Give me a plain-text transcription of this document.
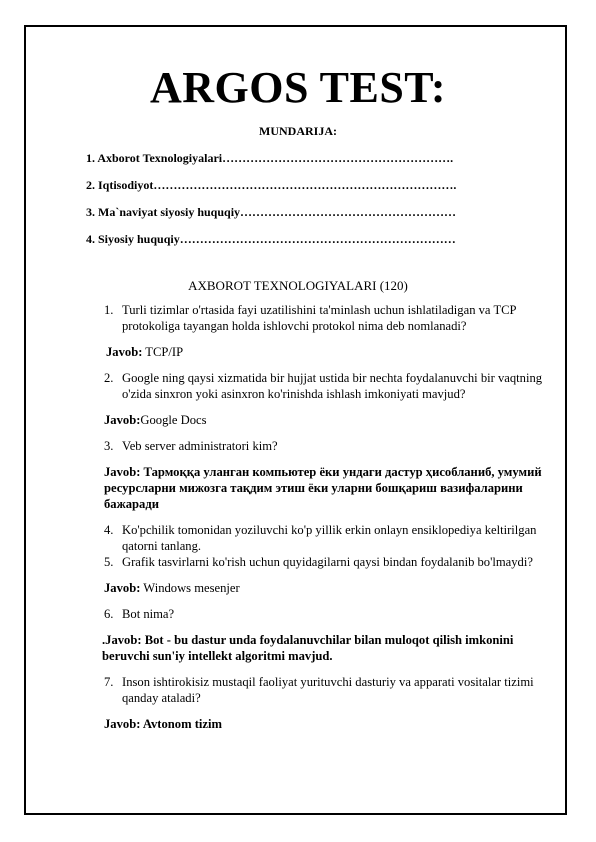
ARGOS TEST:
MUNDARIJA:
1. Axborot Texnologiyalari………………………………………………….
2. Iqtisodiyot………………………………………………………………….
3. Ma`naviyat siyosiy huquqiy………………………………………………
4. Siyosiy huquqiy……………………………………………………………
AXBOROT TEXNOLOGIYALARI (120)
1. Turli tizimlar o'rtasida fayi uzatilishini ta'minlash uchun ishlatiladigan va TCP protokoliga tayangan holda ishlovchi protokol nima deb nomlanadi?
Javob: TCP/IP
2. Google ning qaysi xizmatida bir hujjat ustida bir nechta foydalanuvchi bir vaqtning o'zida sinxron yoki asinxron ko'rinishda ishlash imkoniyati mavjud?
Javob:Google Docs
3. Veb server administratori kim?
Javob: Тармоққа уланган компьютер ёки ундаги дастур ҳисобланиб, умумий ресурсларни мижозга тақдим этиш ёки уларни бошқариш вазифаларини бажаради
4. Ko'pchilik tomonidan yoziluvchi ko'p yillik erkin onlayn ensiklopediya keltirilgan qatorni tanlang.
5. Grafik tasvirlarni ko'rish uchun quyidagilarni qaysi bindan foydalanib bo'lmaydi?
Javob: Windows mesenjer
6. Bot nima?
.Javob: Bot - bu dastur unda foydalanuvchilar bilan muloqot qilish imkonini beruvchi sun'iy intellekt algoritmi mavjud.
7. Inson ishtirokisiz mustaqil faoliyat yurituvchi dasturiy va apparati vositalar tizimi qanday ataladi?
Javob: Avtonom tizim
